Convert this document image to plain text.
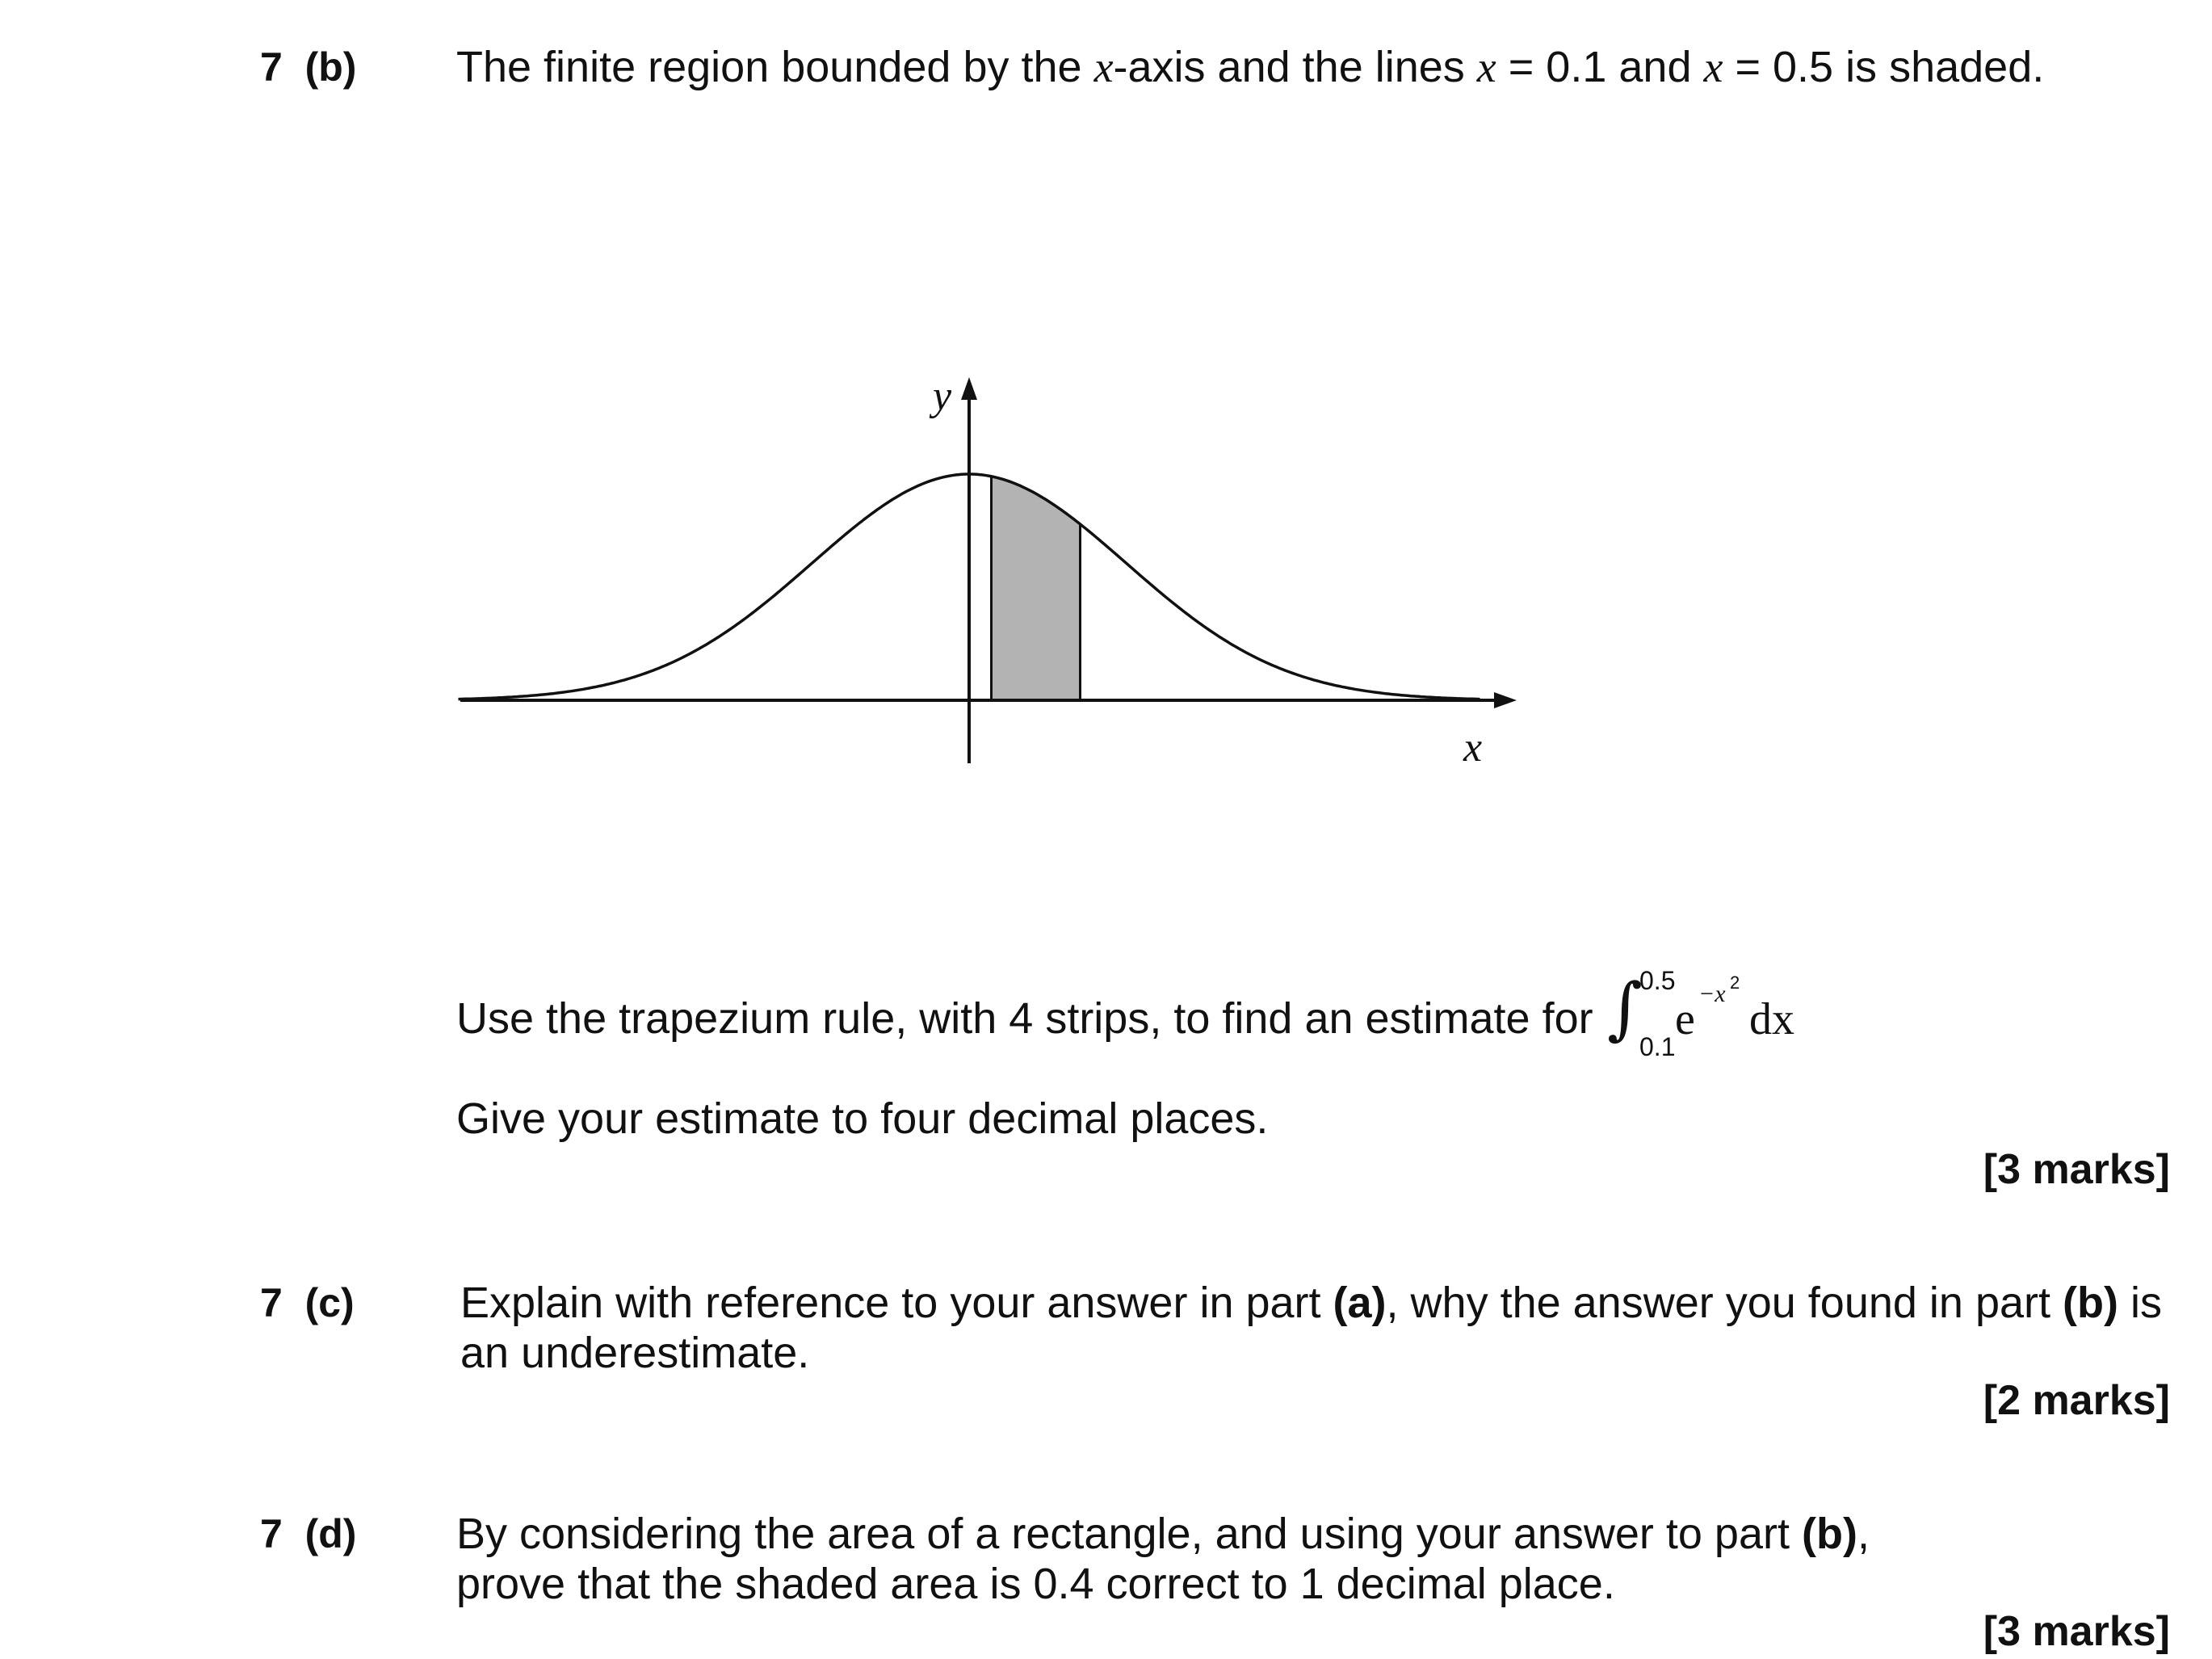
7  (b) The finite region bounded by the x-axis and the lines x = 0.1 and x = 0.5 is shaded.
y
x
Use the trapezium rule, with 4 strips, to find an estimate for ∫
0.5
0.1
e
−x 2
dx
Give your estimate to four decimal places.
[3 marks]
7  (c) Explain with reference to your answer in part (a), why the answer you found in part (b) is
an underestimate.
[2 marks]
7  (d) By considering the area of a rectangle, and using your answer to part (b),
prove that the shaded area is 0.4 correct to 1 decimal place.
[3 marks]
